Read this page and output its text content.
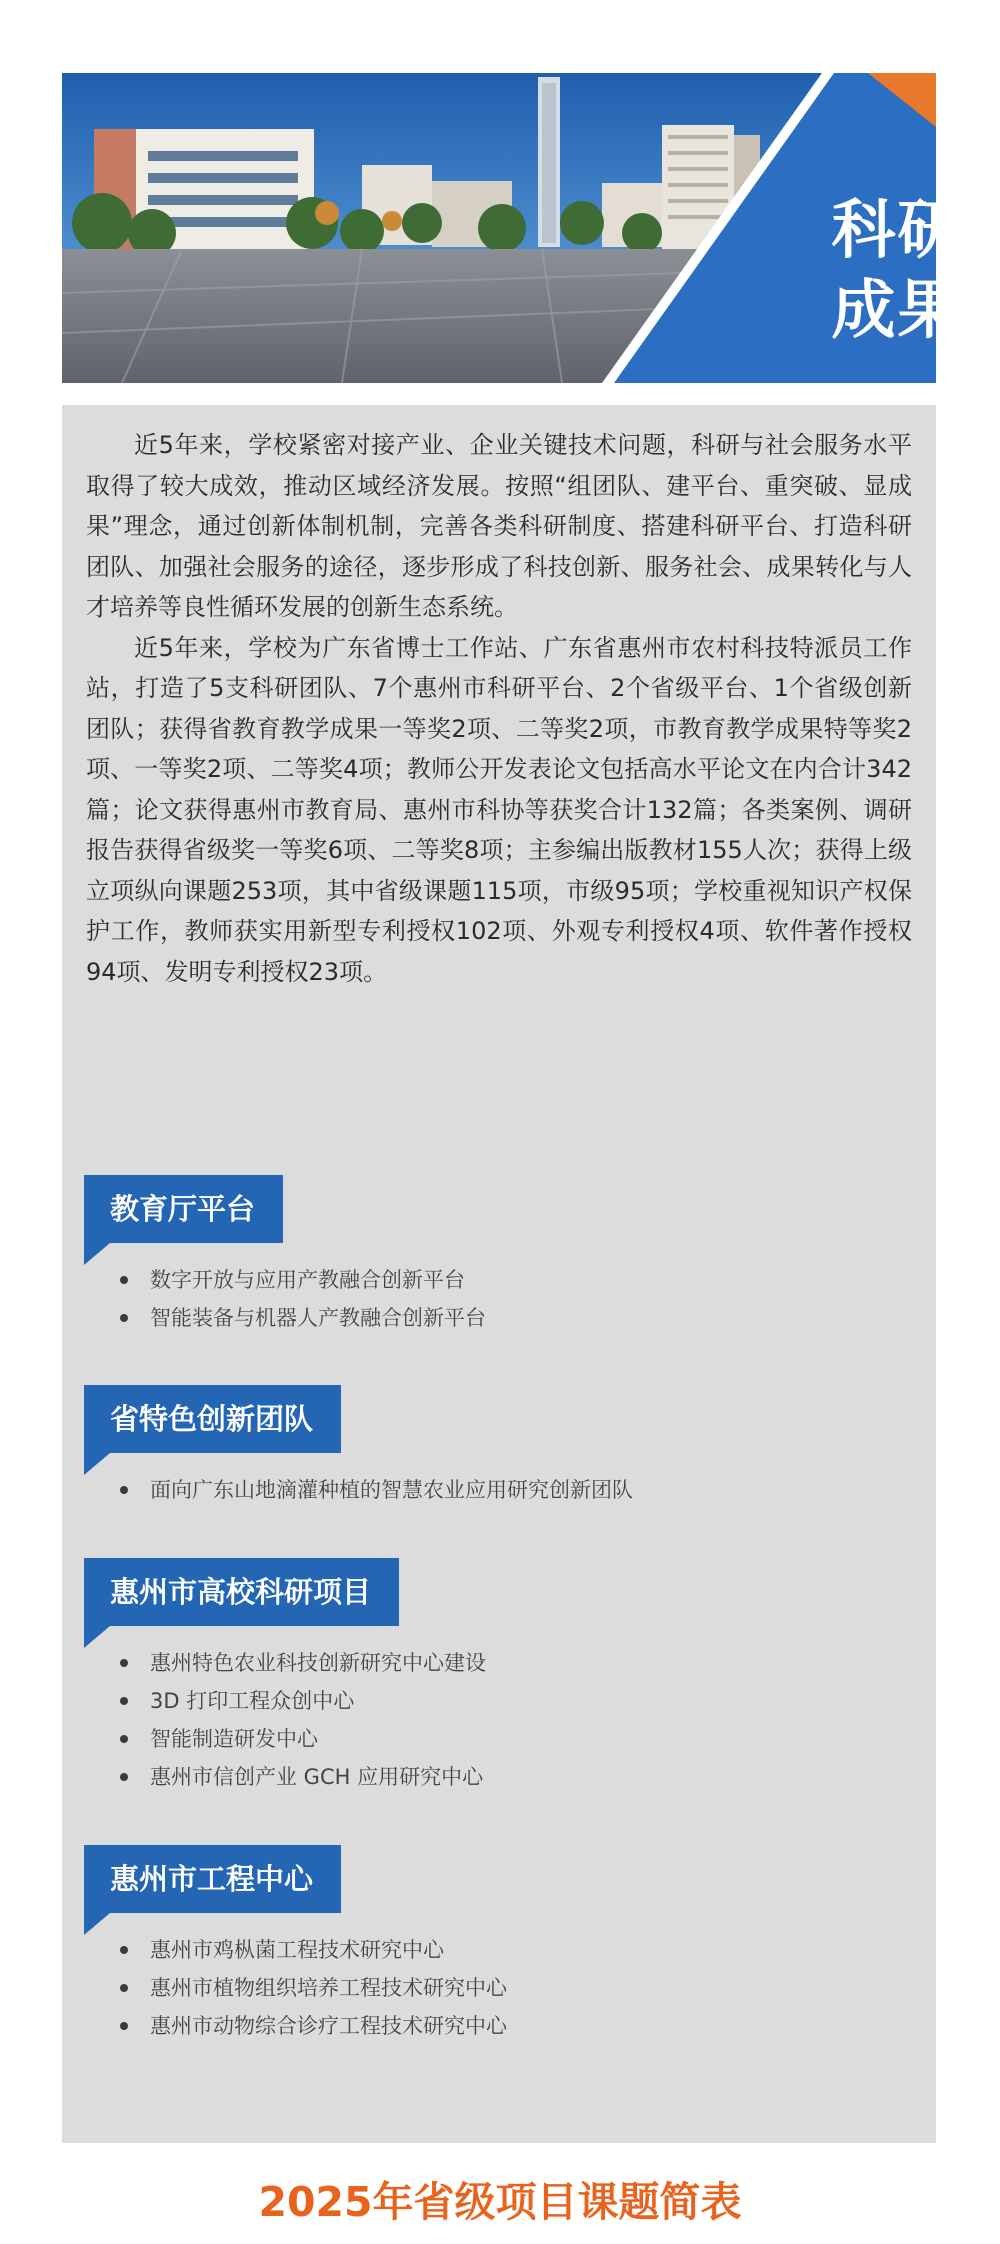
科研
成果

近5年来，学校紧密对接产业、企业关键技术问题，科研与社会服务水平取得了较大成效，推动区域经济发展。按照“组团队、建平台、重突破、显成果”理念，通过创新体制机制，完善各类科研制度、搭建科研平台、打造科研团队、加强社会服务的途径，逐步形成了科技创新、服务社会、成果转化与人才培养等良性循环发展的创新生态系统。

近5年来，学校为广东省博士工作站、广东省惠州市农村科技特派员工作站，打造了5支科研团队、7个惠州市科研平台、2个省级平台、1个省级创新团队；获得省教育教学成果一等奖2项、二等奖2项，市教育教学成果特等奖2项、一等奖2项、二等奖4项；教师公开发表论文包括高水平论文在内合计342篇；论文获得惠州市教育局、惠州市科协等获奖合计132篇；各类案例、调研报告获得省级奖一等奖6项、二等奖8项；主参编出版教材155人次；获得上级立项纵向课题253项，其中省级课题115项，市级95项；学校重视知识产权保护工作，教师获实用新型专利授权102项、外观专利授权4项、软件著作授权94项、发明专利授权23项。

教育厅平台
数字开放与应用产教融合创新平台
智能装备与机器人产教融合创新平台
省特色创新团队
面向广东山地滴灌种植的智慧农业应用研究创新团队
惠州市高校科研项目
惠州特色农业科技创新研究中心建设
3D 打印工程众创中心
智能制造研发中心
惠州市信创产业 GCH 应用研究中心
惠州市工程中心
惠州市鸡枞菌工程技术研究中心
惠州市植物组织培养工程技术研究中心
惠州市动物综合诊疗工程技术研究中心
2025年省级项目课题简表
